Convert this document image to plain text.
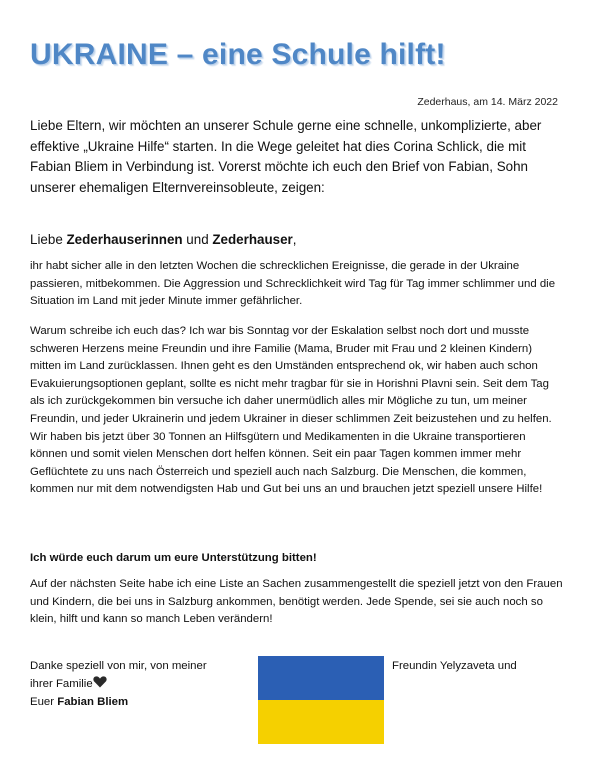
UKRAINE – eine Schule hilft!
Zederhaus, am 14. März 2022
Liebe Eltern, wir möchten an unserer Schule gerne eine schnelle, unkomplizierte, aber effektive „Ukraine Hilfe“ starten. In die Wege geleitet hat dies Corina Schlick, die mit Fabian Bliem in Verbindung ist. Vorerst möchte ich euch den Brief von Fabian, Sohn unserer ehemaligen Elternvereinsobleute, zeigen:
Liebe Zederhauserinnen und Zederhauser,
ihr habt sicher alle in den letzten Wochen die schrecklichen Ereignisse, die gerade in der Ukraine passieren, mitbekommen. Die Aggression und Schrecklichkeit wird Tag für Tag immer schlimmer und die Situation im Land mit jeder Minute immer gefährlicher.
Warum schreibe ich euch das? Ich war bis Sonntag vor der Eskalation selbst noch dort und musste schweren Herzens meine Freundin und ihre Familie (Mama, Bruder mit Frau und 2 kleinen Kindern) mitten im Land zurücklassen. Ihnen geht es den Umständen entsprechend ok, wir haben auch schon Evakuierungsoptionen geplant, sollte es nicht mehr tragbar für sie in Horishni Plavni sein. Seit dem Tag als ich zurückgekommen bin versuche ich daher unermüdlich alles mir Mögliche zu tun, um meiner Freundin, und jeder Ukrainerin und jedem Ukrainer in dieser schlimmen Zeit beizustehen und zu helfen. Wir haben bis jetzt über 30 Tonnen an Hilfsgütern und Medikamenten in die Ukraine transportieren können und somit vielen Menschen dort helfen können. Seit ein paar Tagen kommen immer mehr Geflüchtete zu uns nach Österreich und speziell auch nach Salzburg. Die Menschen, die kommen, kommen nur mit dem notwendigsten Hab und Gut bei uns an und brauchen jetzt speziell unsere Hilfe!
Ich würde euch darum um eure Unterstützung bitten!
Auf der nächsten Seite habe ich eine Liste an Sachen zusammengestellt die speziell jetzt von den Frauen und Kindern, die bei uns in Salzburg ankommen, benötigt werden. Jede Spende, sei sie auch noch so klein, hilft und kann so manch Leben verändern!
Danke speziell von mir, von meiner
ihrer Familie
Euer Fabian Bliem
Freundin Yelyzaveta und
